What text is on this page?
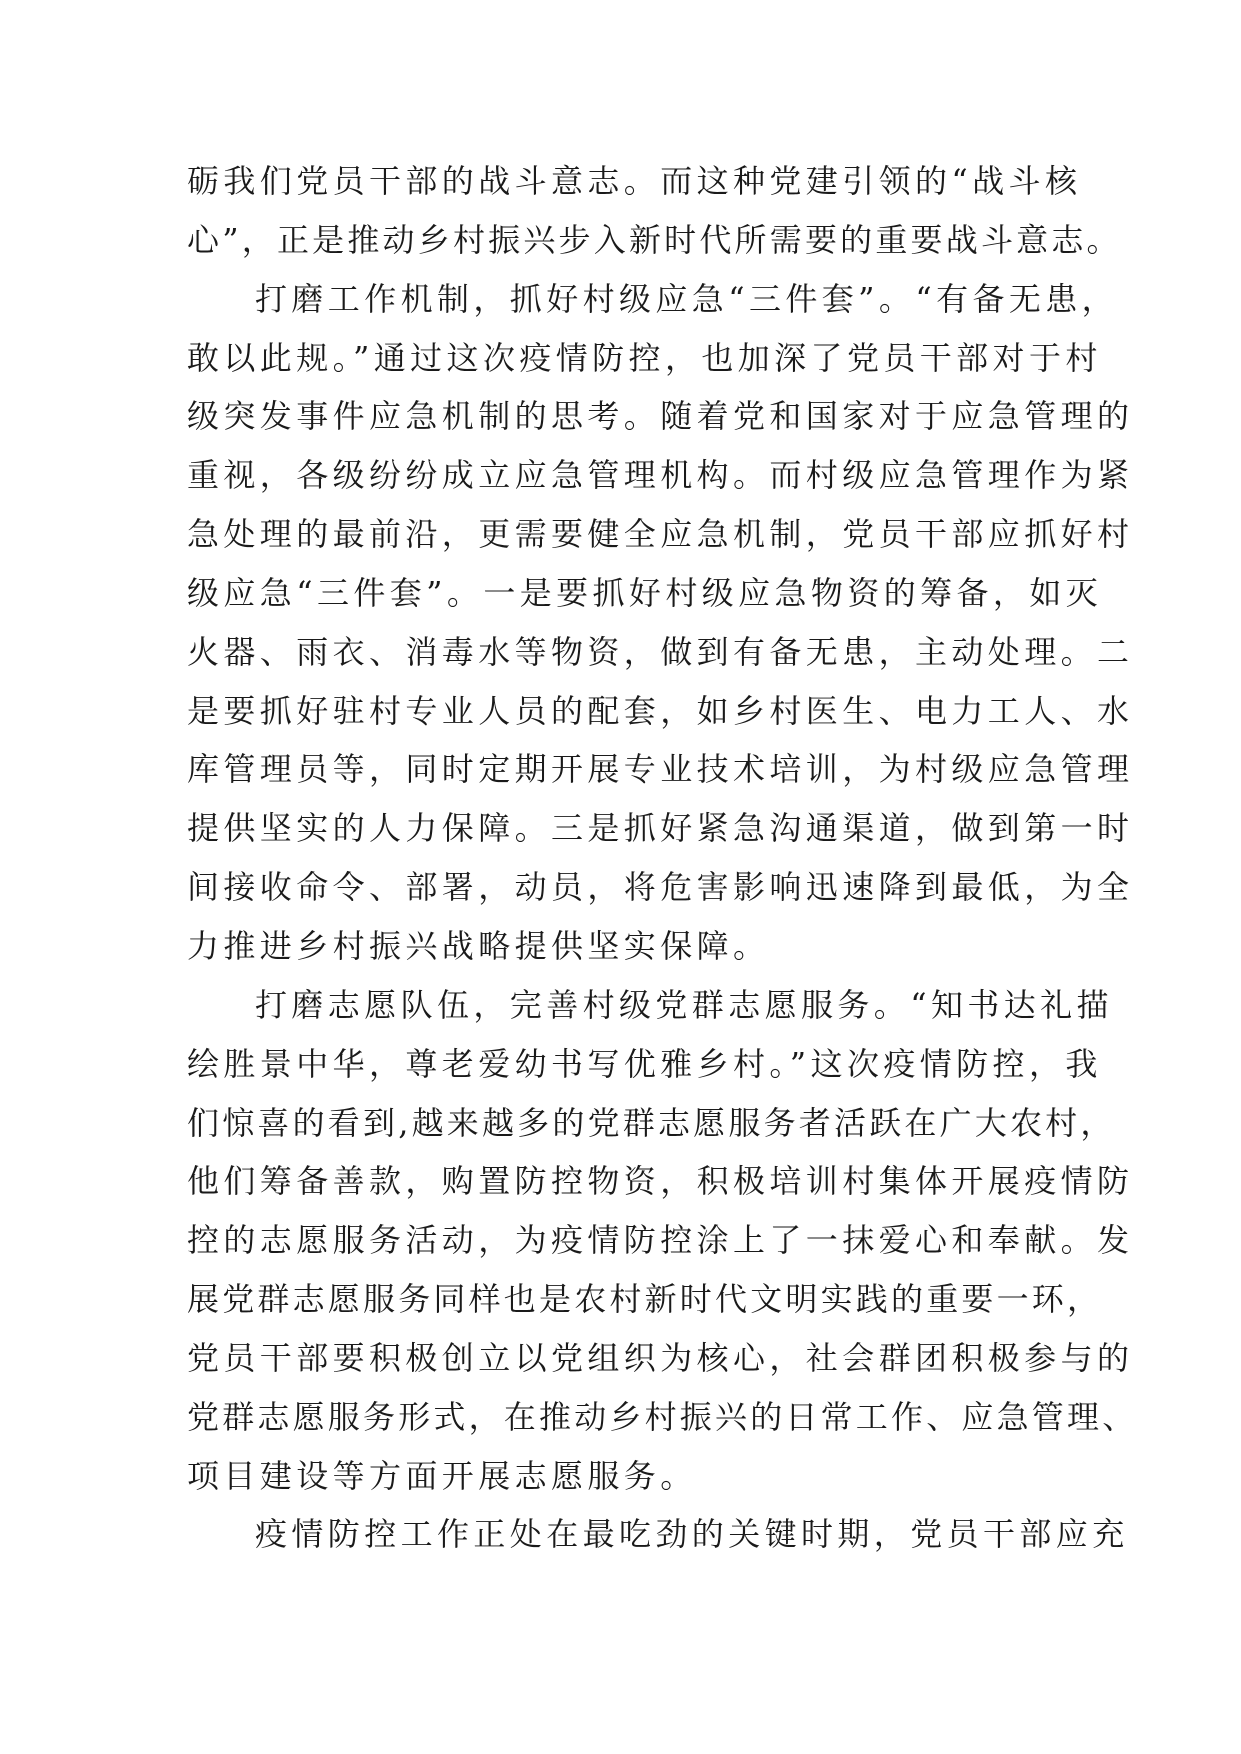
砺我们党员干部的战斗意志。而这种党建引领的“战斗核
心”，正是推动乡村振兴步入新时代所需要的重要战斗意志。
打磨工作机制，抓好村级应急“三件套”。“有备无患，
敢以此规。”通过这次疫情防控，也加深了党员干部对于村
级突发事件应急机制的思考。随着党和国家对于应急管理的
重视，各级纷纷成立应急管理机构。而村级应急管理作为紧
急处理的最前沿，更需要健全应急机制，党员干部应抓好村
级应急“三件套”。一是要抓好村级应急物资的筹备，如灭
火器、雨衣、消毒水等物资，做到有备无患，主动处理。二
是要抓好驻村专业人员的配套，如乡村医生、电力工人、水
库管理员等，同时定期开展专业技术培训，为村级应急管理
提供坚实的人力保障。三是抓好紧急沟通渠道，做到第一时
间接收命令、部署，动员，将危害影响迅速降到最低，为全
力推进乡村振兴战略提供坚实保障。
打磨志愿队伍，完善村级党群志愿服务。“知书达礼描
绘胜景中华，尊老爱幼书写优雅乡村。”这次疫情防控，我
们惊喜的看到,越来越多的党群志愿服务者活跃在广大农村，
他们筹备善款，购置防控物资，积极培训村集体开展疫情防
控的志愿服务活动，为疫情防控涂上了一抹爱心和奉献。发
展党群志愿服务同样也是农村新时代文明实践的重要一环，
党员干部要积极创立以党组织为核心，社会群团积极参与的
党群志愿服务形式，在推动乡村振兴的日常工作、应急管理、
项目建设等方面开展志愿服务。
疫情防控工作正处在最吃劲的关键时期，党员干部应充
